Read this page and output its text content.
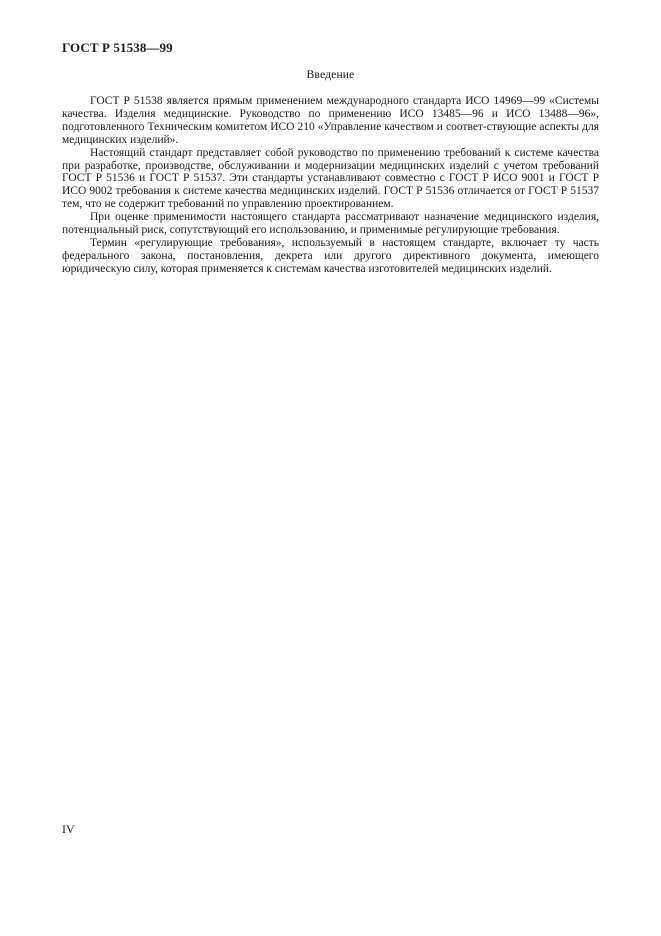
ГОСТ Р 51538—99
Введение

ГОСТ Р 51538 является прямым применением международного стандарта ИСО 14969—99 «Системы качества. Изделия медицинские. Руководство по применению ИСО 13485—96 и ИСО 13488—96», подготовленного Техническим комитетом ИСО 210 «Управление качеством и соответ-ствующие аспекты для медицинских изделий».

Настоящий стандарт представляет собой руководство по применению требований к системе качества при разработке, производстве, обслуживании и модернизации медицинских изделий с учетом требований ГОСТ Р 51536 и ГОСТ Р 51537. Эти стандарты устанавливают совместно с ГОСТ Р ИСО 9001 и ГОСТ Р ИСО 9002 требования к системе качества медицинских изделий. ГОСТ Р 51536 отличается от ГОСТ Р 51537 тем, что не содержит требований по управлению проектированием.

При оценке применимости настоящего стандарта рассматривают назначение медицинского изделия, потенциальный риск, сопутствующий его использованию, и применимые регулирующие требования.

Термин «регулирующие требования», используемый в настоящем стандарте, включает ту часть федерального закона, постановления, декрета или другого директивного документа, имеющего юридическую силу, которая применяется к системам качества изготовителей медицинских изделий.

IV
